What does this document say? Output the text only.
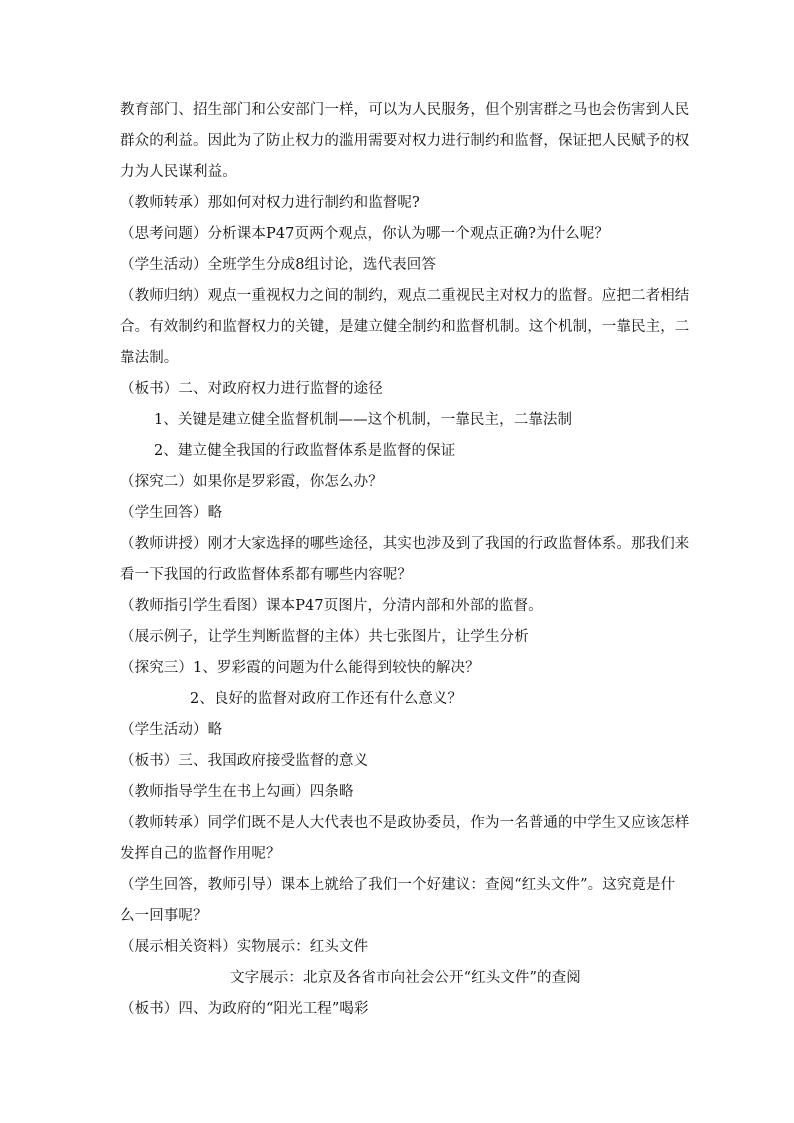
教育部门、招生部门和公安部门一样，可以为人民服务，但个别害群之马也会伤害到人民
群众的利益。因此为了防止权力的滥用需要对权力进行制约和监督，保证把人民赋予的权
力为人民谋利益。
（教师转承）那如何对权力进行制约和监督呢?
（思考问题）分析课本P47页两个观点，你认为哪一个观点正确?为什么呢？
（学生活动）全班学生分成8组讨论，选代表回答
（教师归纳）观点一重视权力之间的制约，观点二重视民主对权力的监督。应把二者相结
合。有效制约和监督权力的关键，是建立健全制约和监督机制。这个机制，一靠民主，二
靠法制。
（板书）二、对政府权力进行监督的途径
1、关键是建立健全监督机制——这个机制，一靠民主，二靠法制
2、建立健全我国的行政监督体系是监督的保证
（探究二）如果你是罗彩霞，你怎么办？
（学生回答）略
（教师讲授）刚才大家选择的哪些途径，其实也涉及到了我国的行政监督体系。那我们来
看一下我国的行政监督体系都有哪些内容呢？
（教师指引学生看图）课本P47页图片，分清内部和外部的监督。
（展示例子，让学生判断监督的主体）共七张图片，让学生分析
（探究三）1、罗彩霞的问题为什么能得到较快的解决？
2、良好的监督对政府工作还有什么意义？
（学生活动）略
（板书）三、我国政府接受监督的意义
（教师指导学生在书上勾画）四条略
（教师转承）同学们既不是人大代表也不是政协委员，作为一名普通的中学生又应该怎样
发挥自己的监督作用呢？
（学生回答，教师引导）课本上就给了我们一个好建议：查阅“红头文件”。这究竟是什
么一回事呢？
（展示相关资料）实物展示：红头文件
文字展示：北京及各省市向社会公开“红头文件”的查阅
（板书）四、为政府的“阳光工程”喝彩
